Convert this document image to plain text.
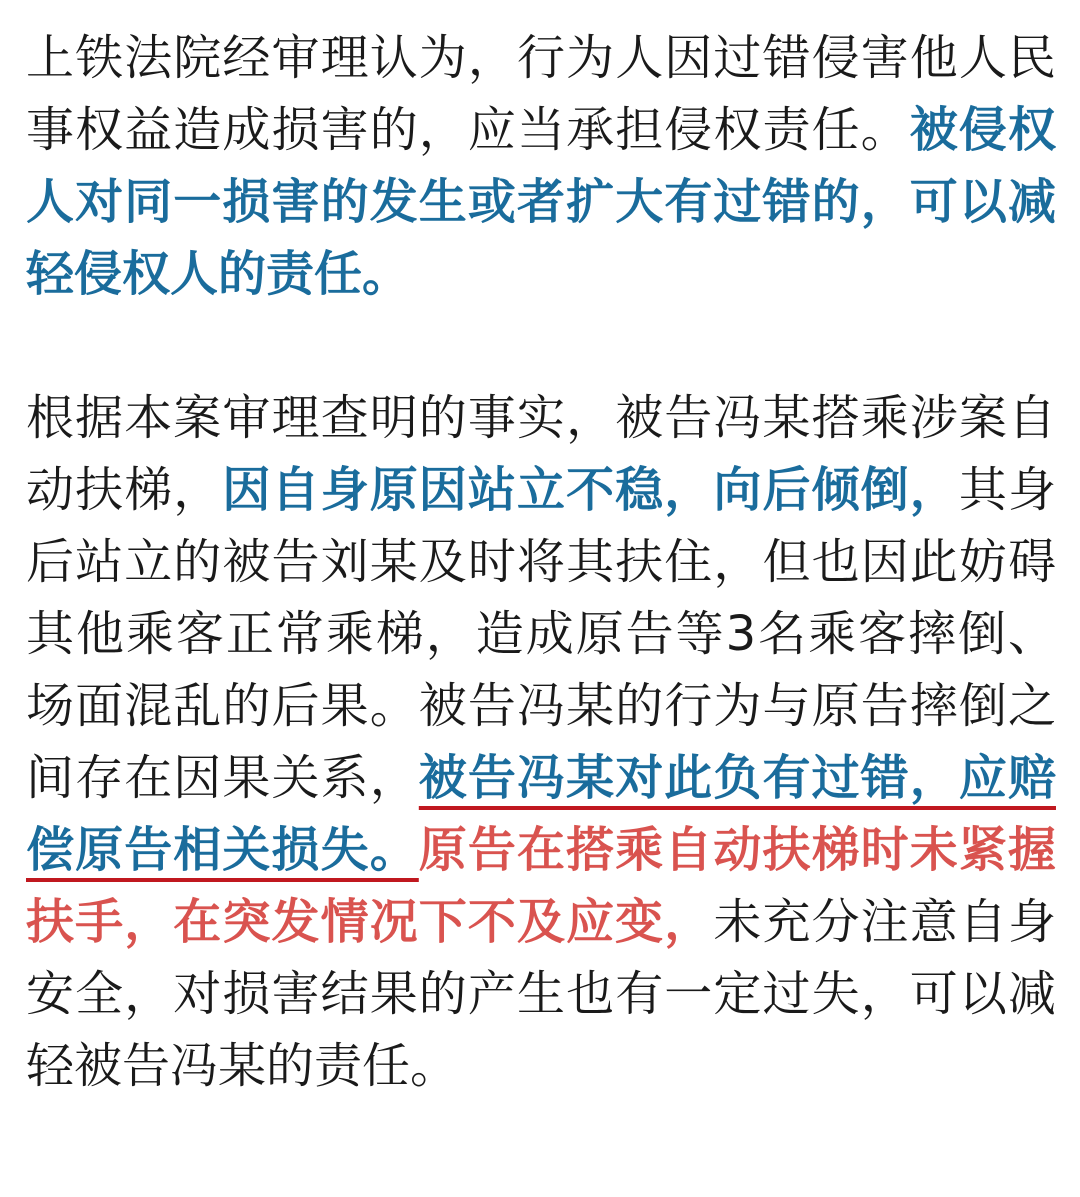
上铁法院经审理认为，行为人因过错侵害他人民事权益造成损害的，应当承担侵权责任。被侵权人对同一损害的发生或者扩大有过错的，可以减轻侵权人的责任。

根据本案审理查明的事实，被告冯某搭乘涉案自动扶梯，因自身原因站立不稳，向后倾倒，其身后站立的被告刘某及时将其扶住，但也因此妨碍其他乘客正常乘梯，造成原告等3名乘客摔倒、场面混乱的后果。被告冯某的行为与原告摔倒之间存在因果关系，被告冯某对此负有过错，应赔偿原告相关损失。原告在搭乘自动扶梯时未紧握扶手，在突发情况下不及应变，未充分注意自身安全，对损害结果的产生也有一定过失，可以减轻被告冯某的责任。
